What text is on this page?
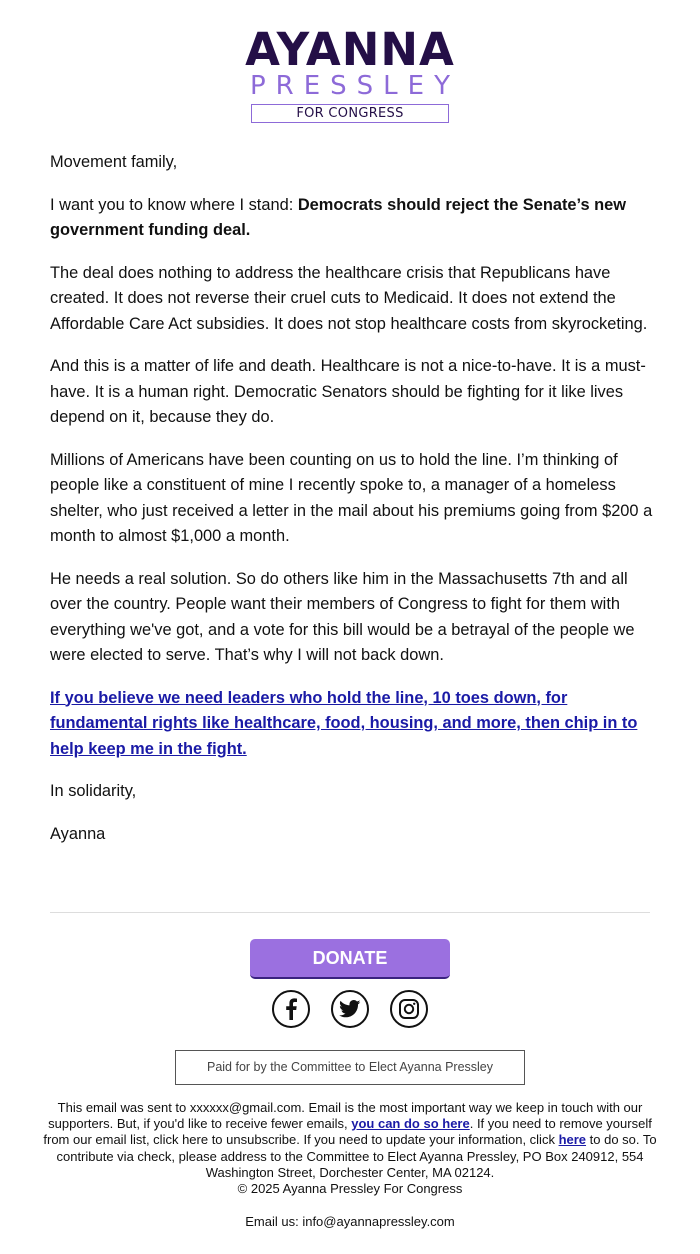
AYANNA
PRESSLEY
FOR CONGRESS

Movement family,

I want you to know where I stand: Democrats should reject the Senate’s new government funding deal.

The deal does nothing to address the healthcare crisis that Republicans have created. It does not reverse their cruel cuts to Medicaid. It does not extend the Affordable Care Act subsidies. It does not stop healthcare costs from skyrocketing.

And this is a matter of life and death. Healthcare is not a nice-to-have. It is a must-have. It is a human right. Democratic Senators should be fighting for it like lives depend on it, because they do.

Millions of Americans have been counting on us to hold the line. I’m thinking of people like a constituent of mine I recently spoke to, a manager of a homeless shelter, who just received a letter in the mail about his premiums going from $200 a month to almost $1,000 a month.

He needs a real solution. So do others like him in the Massachusetts 7th and all over the country. People want their members of Congress to fight for them with everything we've got, and a vote for this bill would be a betrayal of the people we were elected to serve. That’s why I will not back down.

If you believe we need leaders who hold the line, 10 toes down, for fundamental rights like healthcare, food, housing, and more, then chip in to help keep me in the fight.

In solidarity,

Ayanna

DONATE
Paid for by the Committee to Elect Ayanna Pressley
This email was sent to xxxxxx@gmail.com. Email is the most important way we keep in touch with our supporters. But, if you'd like to receive fewer emails, you can do so here. If you need to remove yourself from our email list, click here to unsubscribe. If you need to update your information, click here to do so. To contribute via check, please address to the Committee to Elect Ayanna Pressley, PO Box 240912, 554 Washington Street, Dorchester Center, MA 02124.
© 2025 Ayanna Pressley For Congress
Email us: info@ayannapressley.com
